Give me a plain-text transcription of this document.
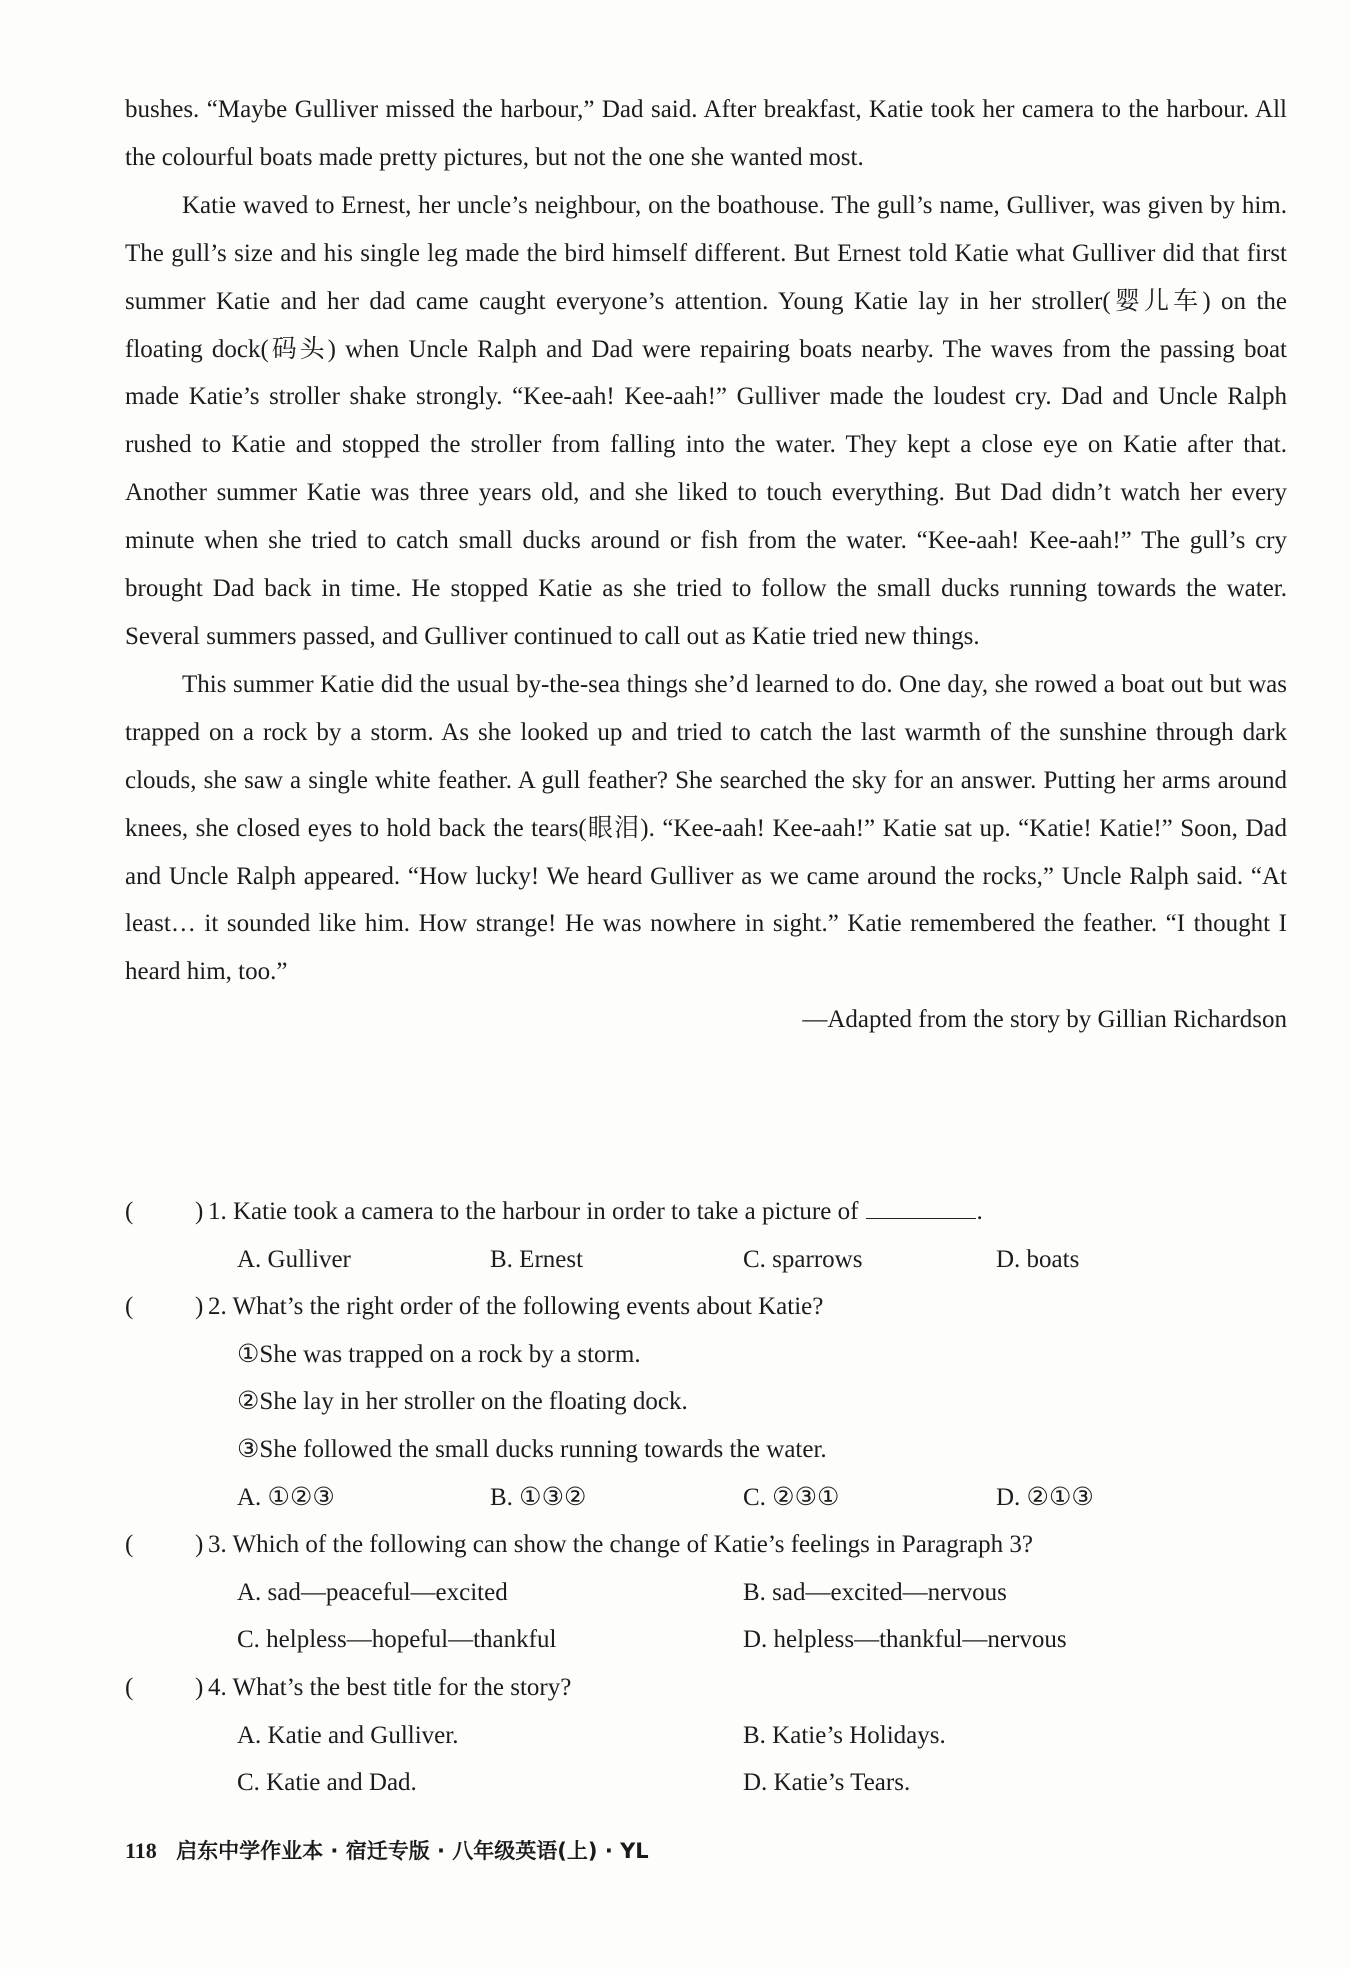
bushes. “Maybe Gulliver missed the harbour,” Dad said. After breakfast, Katie took her camera to the harbour. All the colourful boats made pretty pictures, but not the one she wanted most.

Katie waved to Ernest, her uncle’s neighbour, on the boathouse. The gull’s name, Gulliver, was given by him. The gull’s size and his single leg made the bird himself different. But Ernest told Katie what Gulliver did that first summer Katie and her dad came caught everyone’s attention. Young Katie lay in her stroller(婴儿车) on the floating dock(码头) when Uncle Ralph and Dad were repairing boats nearby. The waves from the passing boat made Katie’s stroller shake strongly. “Kee-aah! Kee-aah!” Gulliver made the loudest cry. Dad and Uncle Ralph rushed to Katie and stopped the stroller from falling into the water. They kept a close eye on Katie after that. Another summer Katie was three years old, and she liked to touch everything. But Dad didn’t watch her every minute when she tried to catch small ducks around or fish from the water. “Kee-aah! Kee-aah!” The gull’s cry brought Dad back in time. He stopped Katie as she tried to follow the small ducks running towards the water. Several summers passed, and Gulliver continued to call out as Katie tried new things.

This summer Katie did the usual by-the-sea things she’d learned to do. One day, she rowed a boat out but was trapped on a rock by a storm. As she looked up and tried to catch the last warmth of the sunshine through dark clouds, she saw a single white feather. A gull feather? She searched the sky for an answer. Putting her arms around knees, she closed eyes to hold back the tears(眼泪). “Kee-aah! Kee-aah!” Katie sat up. “Katie! Katie!” Soon, Dad and Uncle Ralph appeared. “How lucky! We heard Gulliver as we came around the rocks,” Uncle Ralph said. “At least… it sounded like him. How strange! He was nowhere in sight.” Katie remembered the feather. “I thought I heard him, too.”

—Adapted from the story by Gillian Richardson

( ) 1. Katie took a camera to the harbour in order to take a picture of	.
A. Gulliver	B. Ernest	C. sparrows	D. boats
( ) 2. What’s the right order of the following events about Katie?
①She was trapped on a rock by a storm.
②She lay in her stroller on the floating dock.
③She followed the small ducks running towards the water.
A. ①②③	B. ①③②	C. ②③①	D. ②①③
( ) 3. Which of the following can show the change of Katie’s feelings in Paragraph 3?
A. sad—peaceful—excited	B. sad—excited—nervous
C. helpless—hopeful—thankful	D. helpless—thankful—nervous
( ) 4. What’s the best title for the story?
A. Katie and Gulliver.	B. Katie’s Holidays.
C. Katie and Dad.	D. Katie’s Tears.
118 启东中学作业本 · 宿迁专版 · 八年级英语(上) · YL
